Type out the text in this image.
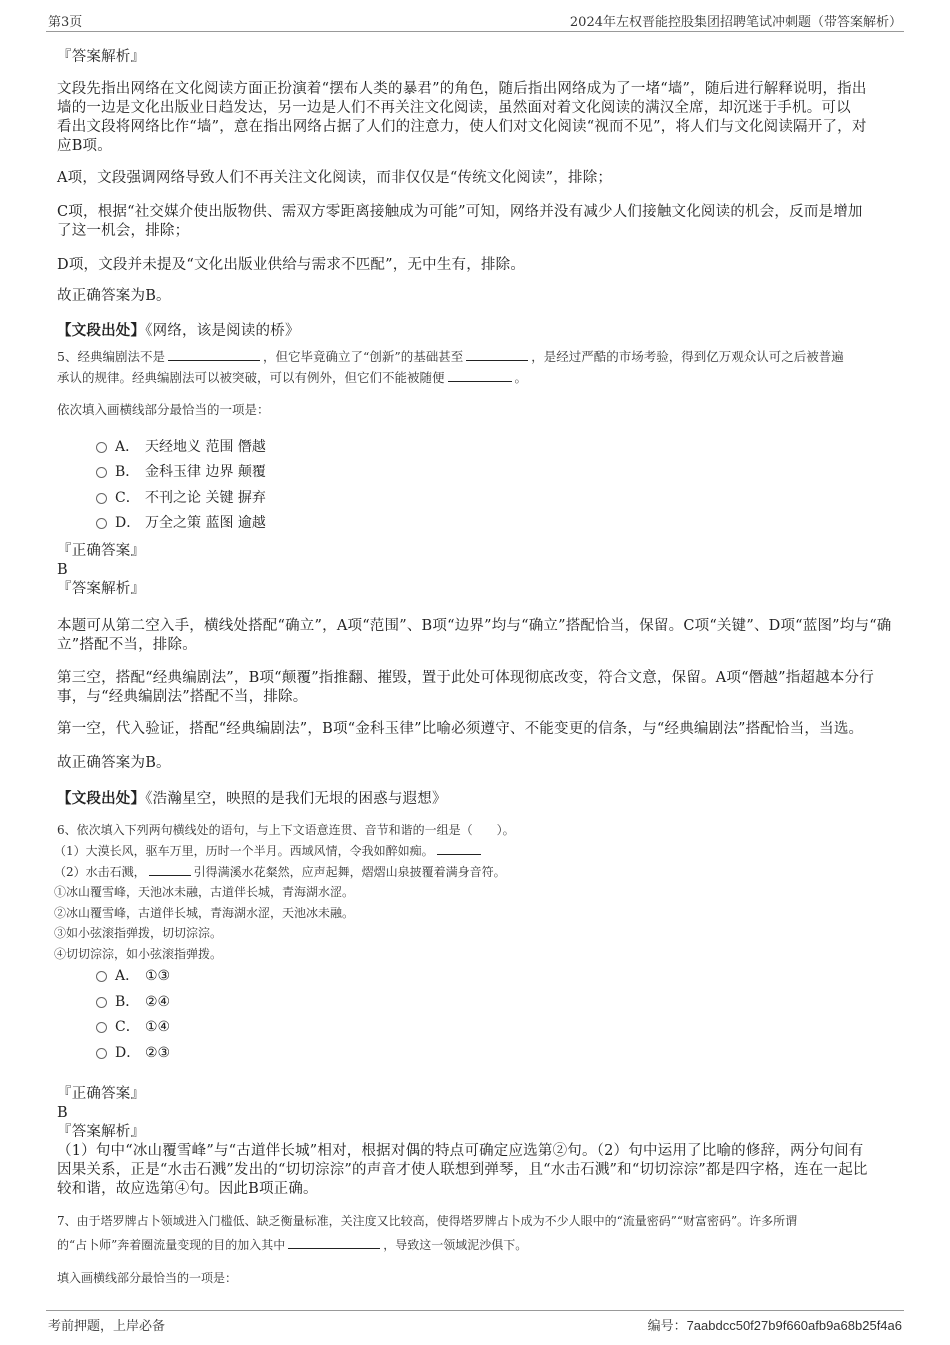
第3页	2024年左权晋能控股集团招聘笔试冲刺题（带答案解析）

『答案解析』

文段先指出网络在文化阅读方面正扮演着“摆布人类的暴君”的角色，随后指出网络成为了一堵“墙”，随后进行解释说明，指出

墙的一边是文化出版业日趋发达，另一边是人们不再关注文化阅读，虽然面对着文化阅读的满汉全席，却沉迷于手机。可以

看出文段将网络比作“墙”，意在指出网络占据了人们的注意力，使人们对文化阅读“视而不见”，将人们与文化阅读隔开了，对

应B项。

A项，文段强调网络导致人们不再关注文化阅读，而非仅仅是“传统文化阅读”，排除；

C项，根据“社交媒介使出版物供、需双方零距离接触成为可能”可知，网络并没有减少人们接触文化阅读的机会，反而是增加

了这一机会，排除；

D项，文段并未提及“文化出版业供给与需求不匹配”，无中生有，排除。

故正确答案为B。

【文段出处】《网络，该是阅读的桥》

5、经典编剧法不是	，但它毕竟确立了“创新”的基础甚至	，是经过严酷的市场考验，得到亿万观众认可之后被普遍

承认的规律。经典编剧法可以被突破，可以有例外，但它们不能被随便	。

依次填入画横线部分最恰当的一项是：

A． 天经地义 范围 僭越
B． 金科玉律 边界 颠覆
C． 不刊之论 关键 摒弃
D． 万全之策 蓝图 逾越

『正确答案』

B

『答案解析』

本题可从第二空入手，横线处搭配“确立”，A项“范围”、B项“边界”均与“确立”搭配恰当，保留。C项“关键”、D项“蓝图”均与“确

立”搭配不当，排除。

第三空，搭配“经典编剧法”，B项“颠覆”指推翻、摧毁，置于此处可体现彻底改变，符合文意，保留。A项“僭越”指超越本分行

事，与“经典编剧法”搭配不当，排除。

第一空，代入验证，搭配“经典编剧法”，B项“金科玉律”比喻必须遵守、不能变更的信条，与“经典编剧法”搭配恰当，当选。

故正确答案为B。

【文段出处】《浩瀚星空，映照的是我们无垠的困惑与遐想》

6、依次填入下列两句横线处的语句，与上下文语意连贯、音节和谐的一组是（　　）。

（1）大漠长风，驱车万里，历时一个半月。西域风情，令我如醉如痴。

（2）水击石溅，	引得满溪水花粲然，应声起舞，熠熠山泉披覆着满身音符。

①冰山覆雪峰，天池冰未融，古道伴长城，青海湖水涩。

②冰山覆雪峰，古道伴长城，青海湖水涩，天池冰未融。

③如小弦滚指弹拨，切切淙淙。

④切切淙淙，如小弦滚指弹拨。

A． ①③
B． ②④
C． ①④
D． ②③

『正确答案』

B

『答案解析』

（1）句中“冰山覆雪峰”与“古道伴长城”相对，根据对偶的特点可确定应选第②句。（2）句中运用了比喻的修辞，两分句间有

因果关系，正是“水击石溅”发出的“切切淙淙”的声音才使人联想到弹琴，且“水击石溅”和“切切淙淙”都是四字格，连在一起比

较和谐，故应选第④句。因此B项正确。

7、由于塔罗牌占卜领域进入门槛低、缺乏衡量标准，关注度又比较高，使得塔罗牌占卜成为不少人眼中的“流量密码”“财富密码”。许多所谓

的“占卜师”奔着圈流量变现的目的加入其中	，导致这一领域泥沙俱下。

填入画横线部分最恰当的一项是：

考前押题，上岸必备	编号：7aabdcc50f27b9f660afb9a68b25f4a6
